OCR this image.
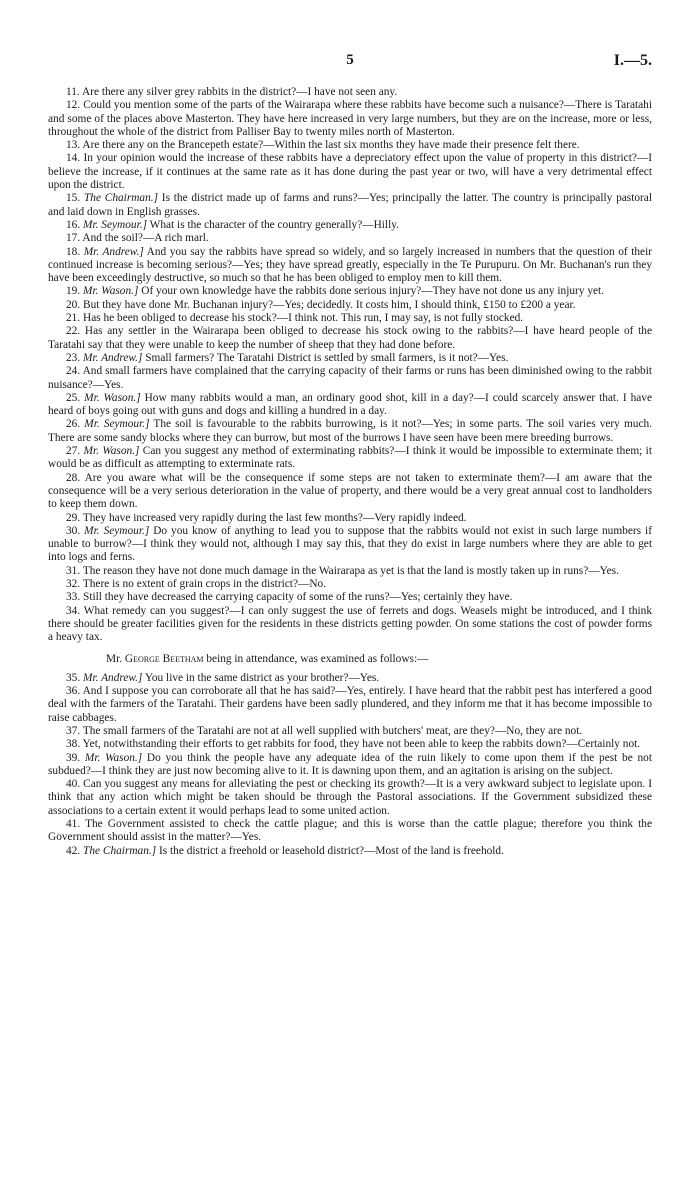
5	I.—5.

11. Are there any silver grey rabbits in the district?—I have not seen any.

12. Could you mention some of the parts of the Wairarapa where these rabbits have become such a nuisance?—There is Taratahi and some of the places above Masterton. They have here increased in very large numbers, but they are on the increase, more or less, throughout the whole of the district from Palliser Bay to twenty miles north of Masterton.

13. Are there any on the Brancepeth estate?—Within the last six months they have made their presence felt there.

14. In your opinion would the increase of these rabbits have a depreciatory effect upon the value of property in this district?—I believe the increase, if it continues at the same rate as it has done during the past year or two, will have a very detrimental effect upon the district.

15. The Chairman.] Is the district made up of farms and runs?—Yes; principally the latter. The country is principally pastoral and laid down in English grasses.

16. Mr. Seymour.] What is the character of the country generally?—Hilly.

17. And the soil?—A rich marl.

18. Mr. Andrew.] And you say the rabbits have spread so widely, and so largely increased in numbers that the question of their continued increase is becoming serious?—Yes; they have spread greatly, especially in the Te Purupuru. On Mr. Buchanan's run they have been exceedingly destructive, so much so that he has been obliged to employ men to kill them.

19. Mr. Wason.] Of your own knowledge have the rabbits done serious injury?—They have not done us any injury yet.

20. But they have done Mr. Buchanan injury?—Yes; decidedly. It costs him, I should think, £150 to £200 a year.

21. Has he been obliged to decrease his stock?—I think not. This run, I may say, is not fully stocked.

22. Has any settler in the Wairarapa been obliged to decrease his stock owing to the rabbits?—I have heard people of the Taratahi say that they were unable to keep the number of sheep that they had done before.

23. Mr. Andrew.] Small farmers? The Taratahi District is settled by small farmers, is it not?—Yes.

24. And small farmers have complained that the carrying capacity of their farms or runs has been diminished owing to the rabbit nuisance?—Yes.

25. Mr. Wason.] How many rabbits would a man, an ordinary good shot, kill in a day?—I could scarcely answer that. I have heard of boys going out with guns and dogs and killing a hundred in a day.

26. Mr. Seymour.] The soil is favourable to the rabbits burrowing, is it not?—Yes; in some parts. The soil varies very much. There are some sandy blocks where they can burrow, but most of the burrows I have seen have been mere breeding burrows.

27. Mr. Wason.] Can you suggest any method of exterminating rabbits?—I think it would be impossible to exterminate them; it would be as difficult as attempting to exterminate rats.

28. Are you aware what will be the consequence if some steps are not taken to exterminate them?—I am aware that the consequence will be a very serious deterioration in the value of property, and there would be a very great annual cost to landholders to keep them down.

29. They have increased very rapidly during the last few months?—Very rapidly indeed.

30. Mr. Seymour.] Do you know of anything to lead you to suppose that the rabbits would not exist in such large numbers if unable to burrow?—I think they would not, although I may say this, that they do exist in large numbers where they are able to get into logs and ferns.

31. The reason they have not done much damage in the Wairarapa as yet is that the land is mostly taken up in runs?—Yes.

32. There is no extent of grain crops in the district?—No.

33. Still they have decreased the carrying capacity of some of the runs?—Yes; certainly they have.

34. What remedy can you suggest?—I can only suggest the use of ferrets and dogs. Weasels might be introduced, and I think there should be greater facilities given for the residents in these districts getting powder. On some stations the cost of powder forms a heavy tax.

Mr. George Beetham being in attendance, was examined as follows:—

35. Mr. Andrew.] You live in the same district as your brother?—Yes.

36. And I suppose you can corroborate all that he has said?—Yes, entirely. I have heard that the rabbit pest has interfered a good deal with the farmers of the Taratahi. Their gardens have been sadly plundered, and they inform me that it has become impossible to raise cabbages.

37. The small farmers of the Taratahi are not at all well supplied with butchers' meat, are they?—No, they are not.

38. Yet, notwithstanding their efforts to get rabbits for food, they have not been able to keep the rabbits down?—Certainly not.

39. Mr. Wason.] Do you think the people have any adequate idea of the ruin likely to come upon them if the pest be not subdued?—I think they are just now becoming alive to it. It is dawning upon them, and an agitation is arising on the subject.

40. Can you suggest any means for alleviating the pest or checking its growth?—It is a very awkward subject to legislate upon. I think that any action which might be taken should be through the Pastoral associations. If the Government subsidized these associations to a certain extent it would perhaps lead to some united action.

41. The Government assisted to check the cattle plague; and this is worse than the cattle plague; therefore you think the Government should assist in the matter?—Yes.

42. The Chairman.] Is the district a freehold or leasehold district?—Most of the land is freehold.
